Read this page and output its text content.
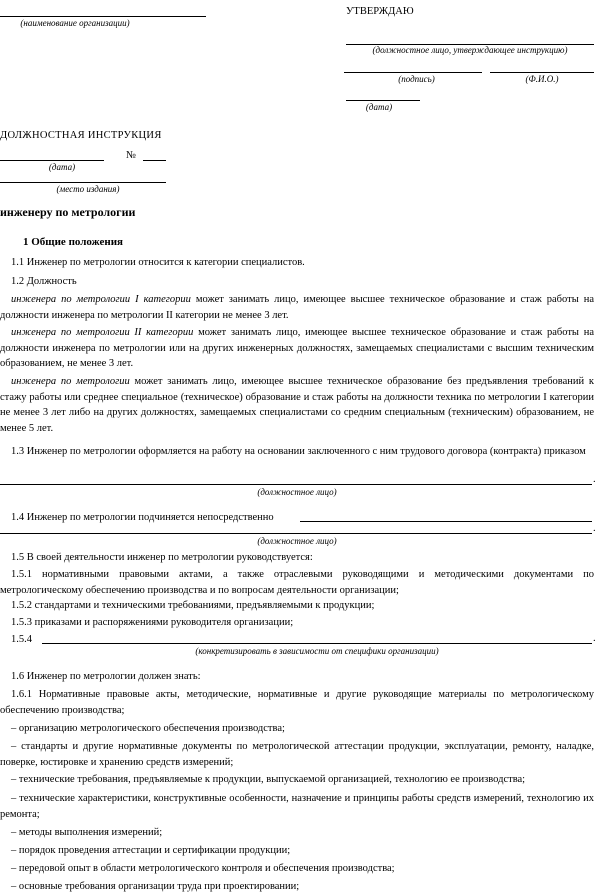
(наименование организации)
УТВЕРЖДАЮ
(должностное лицо, утверждающее инструкцию)
(подпись)	(Ф.И.О.)
(дата)
ДОЛЖНОСТНАЯ ИНСТРУКЦИЯ
№
(дата)
(место издания)
инженеру по метрологии
1 Общие положения
1.1 Инженер по метрологии относится к категории специалистов.
1.2 Должность
инженера по метрологии I категории может занимать лицо, имеющее высшее техническое образование и стаж работы на должности инженера по метрологии II категории не менее 3 лет.
инженера по метрологии II категории может занимать лицо, имеющее высшее техническое образование и стаж работы на должности инженера по метрологии или на других инженерных должностях, замещаемых специалистами с высшим техническим образованием, не менее 3 лет.
инженера по метрологии может занимать лицо, имеющее высшее техническое образование без предъявления требований к стажу работы или среднее специальное (техническое) образование и стаж работы на должности техника по метрологии I категории не менее 3 лет либо на других должностях, замещаемых специалистами со средним специальным (техническим) образованием, не менее 5 лет.
1.3 Инженер по метрологии оформляется на работу на основании заключенного с ним трудового договора (контракта) приказом
.
(должностное лицо)
1.4 Инженер по метрологии подчиняется непосредственно
.
(должностное лицо)
1.5 В своей деятельности инженер по метрологии руководствуется:
1.5.1 нормативными правовыми актами, а также отраслевыми руководящими и методическими документами по метрологическому обеспечению производства и по вопросам деятельности организации;
1.5.2 стандартами и техническими требованиями, предъявляемыми к продукции;
1.5.3 приказами и распоряжениями руководителя организации;
1.5.4	.
(конкретизировать в зависимости от специфики организации)
1.6 Инженер по метрологии должен знать:
1.6.1 Нормативные правовые акты, методические, нормативные и другие руководящие материалы по метрологическому обеспечению производства;
– организацию метрологического обеспечения производства;
– стандарты и другие нормативные документы по метрологической аттестации продукции, эксплуатации, ремонту, наладке, поверке, юстировке и хранению средств измерений;
– технические требования, предъявляемые к продукции, выпускаемой организацией, технологию ее производства;
– технические характеристики, конструктивные особенности, назначение и принципы работы средств измерений, технологию их ремонта;
– методы выполнения измерений;
– порядок проведения аттестации и сертификации продукции;
– передовой опыт в области метрологического контроля и обеспечения производства;
– основные требования организации труда при проектировании;
